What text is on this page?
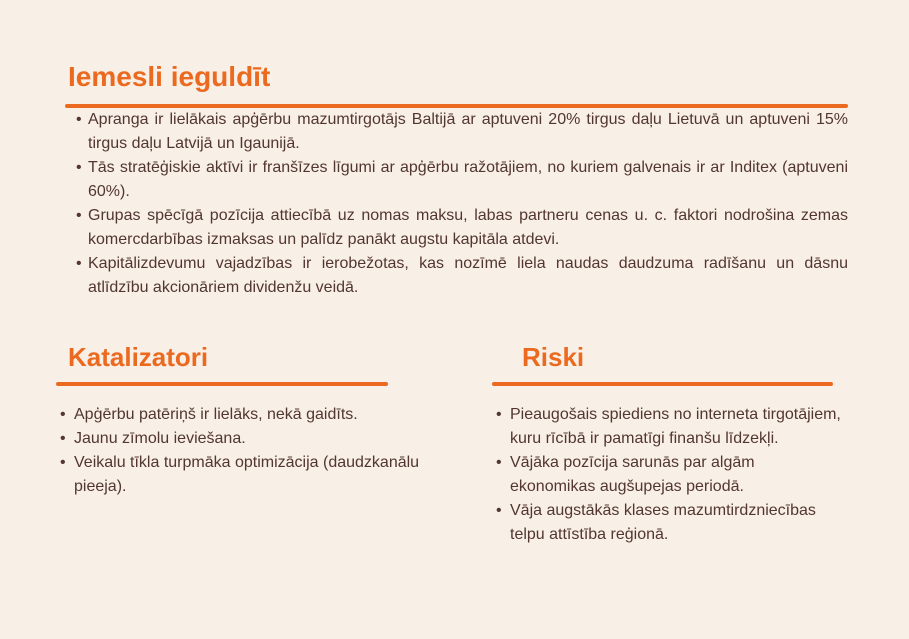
Iemesli ieguldīt
• Apranga ir lielākais apģērbu mazumtirgotājs Baltijā ar aptuveni 20% tirgus daļu Lietuvā un aptuveni 15% tirgus daļu Latvijā un Igaunijā.
• Tās stratēģiskie aktīvi ir franšīzes līgumi ar apģērbu ražotājiem, no kuriem galvenais ir ar Inditex (aptuveni 60%).
• Grupas spēcīgā pozīcija attiecībā uz nomas maksu, labas partneru cenas u. c. faktori nodrošina zemas komercdarbības izmaksas un palīdz panākt augstu kapitāla atdevi.
• Kapitālizdevumu vajadzības ir ierobežotas, kas nozīmē liela naudas daudzuma radīšanu un dāsnu atlīdzību akcionāriem dividenžu veidā.
Katalizatori
• Apģērbu patēriņš ir lielāks, nekā gaidīts.
• Jaunu zīmolu ieviešana.
• Veikalu tīkla turpmāka optimizācija (daudzkanālu pieeja).
Riski
• Pieaugošais spiediens no interneta tirgotājiem, kuru rīcībā ir pamatīgi finanšu līdzekļi.
• Vājāka pozīcija sarunās par algām ekonomikas augšupejas periodā.
• Vāja augstākās klases mazumtirdzniecības telpu attīstība reģionā.
